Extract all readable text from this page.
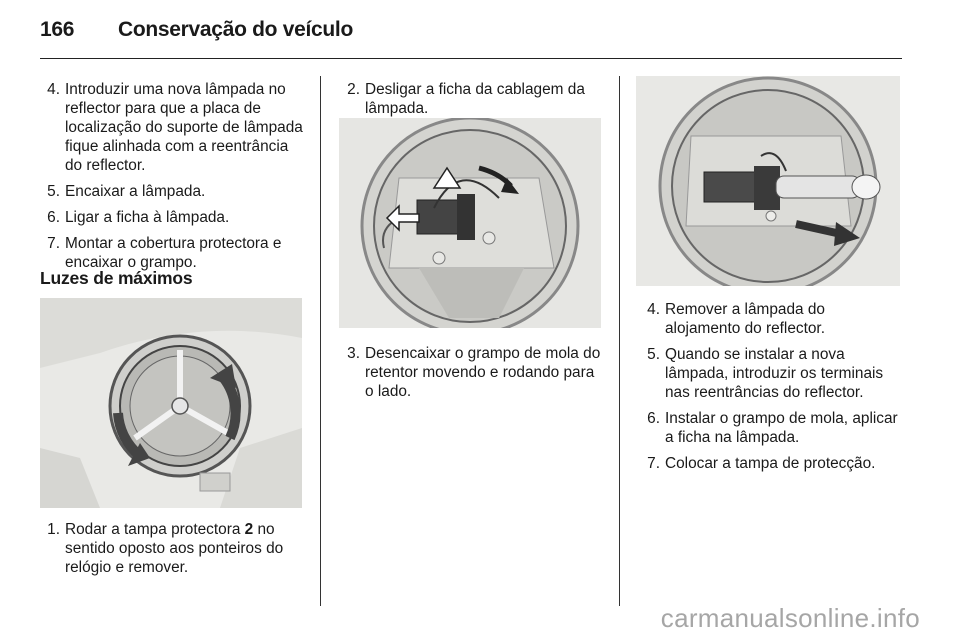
166 Conservação do veículo
4. Introduzir uma nova lâmpada no reflector para que a placa de localização do suporte de lâmpada fique alinhada com a reentrância do reflector.
5. Encaixar a lâmpada.
6. Ligar a ficha à lâmpada.
7. Montar a cobertura protectora e encaixar o grampo.
Luzes de máximos
1. Rodar a tampa protectora 2 no sentido oposto aos ponteiros do relógio e remover.
2. Desligar a ficha da cablagem da lâmpada.
3. Desencaixar o grampo de mola do retentor movendo e rodando para o lado.
4. Remover a lâmpada do alojamento do reflector.
5. Quando se instalar a nova lâmpada, introduzir os terminais nas reentrâncias do reflector.
6. Instalar o grampo de mola, aplicar a ficha na lâmpada.
7. Colocar a tampa de protecção.
carmanualsonline.info
